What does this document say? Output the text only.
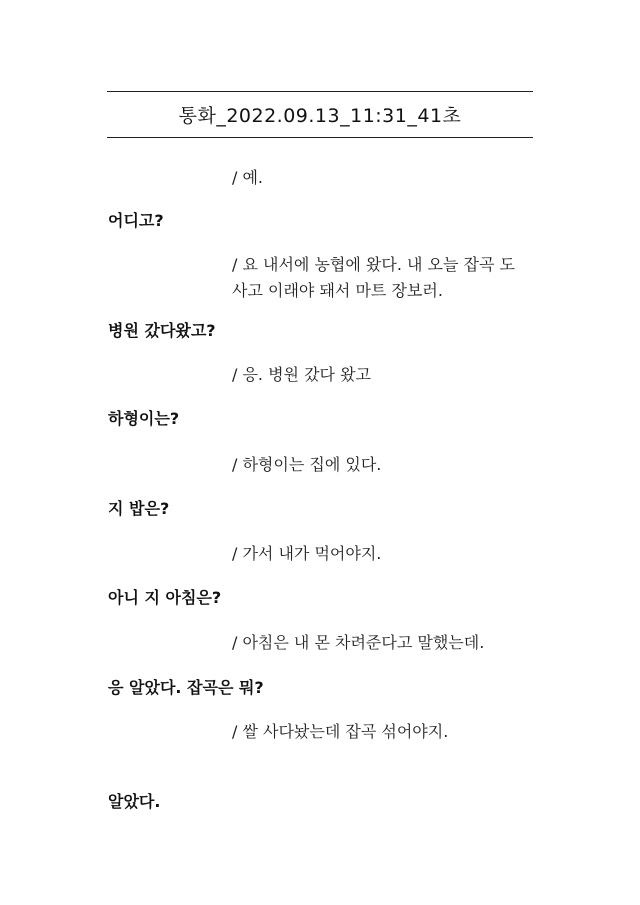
통화_2022.09.13_11:31_41초
/ 예.
어디고?
/ 요 내서에 농협에 왔다. 내 오늘 잡곡 도 사고 이래야 돼서 마트 장보러.
병원 갔다왔고?
/ 응. 병원 갔다 왔고
하형이는?
/ 하형이는 집에 있다.
지 밥은?
/ 가서 내가 먹어야지.
아니 지 아침은?
/ 아침은 내 몬 차려준다고 말했는데.
응 알았다. 잡곡은 뭐?
/ 쌀 사다놨는데 잡곡 섞어야지.
알았다.
